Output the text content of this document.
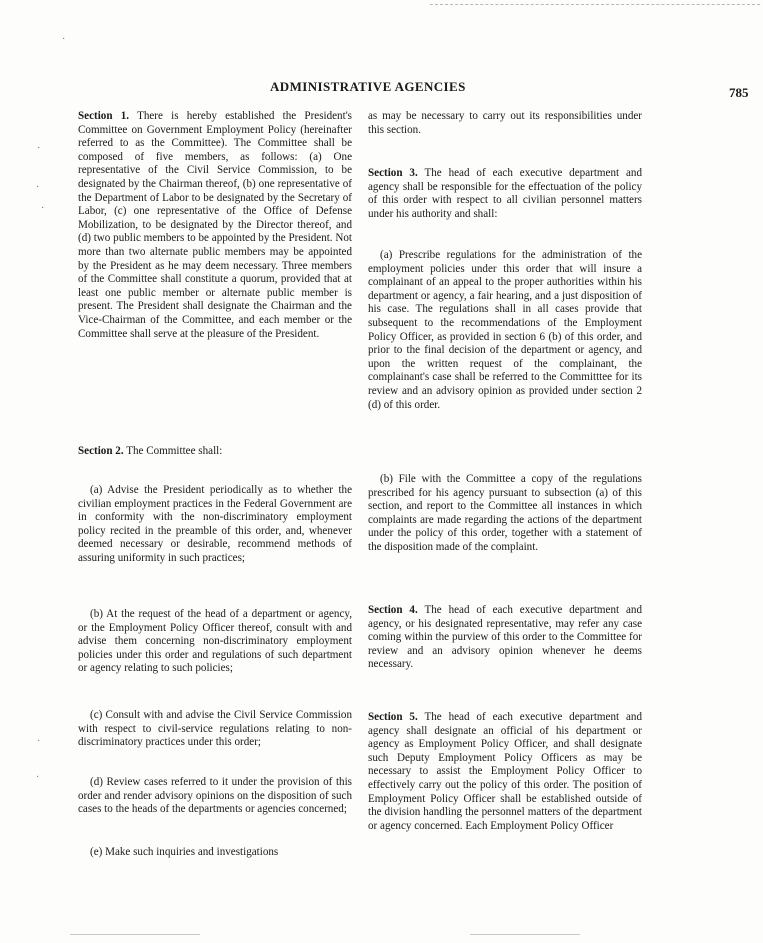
ADMINISTRATIVE AGENCIES	785
·
·
·
·
·
·

Section 1. There is hereby established the President's Committee on Government Employment Policy (hereinafter referred to as the Committee). The Committee shall be composed of five members, as follows: (a) One representative of the Civil Service Commission, to be designated by the Chairman thereof, (b) one representative of the Department of Labor to be designated by the Secretary of Labor, (c) one representative of the Office of Defense Mobilization, to be designated by the Director thereof, and (d) two public members to be appointed by the President. Not more than two alternate public members may be appointed by the President as he may deem necessary. Three members of the Committee shall constitute a quorum, provided that at least one public member or alternate public member is present. The President shall designate the Chairman and the Vice-Chairman of the Committee, and each member or the Committee shall serve at the pleasure of the President.

Section 2. The Committee shall:

(a) Advise the President periodically as to whether the civilian employment practices in the Federal Government are in conformity with the non-discriminatory employment policy recited in the preamble of this order, and, whenever deemed necessary or desirable, recommend methods of assuring uniformity in such practices;

(b) At the request of the head of a department or agency, or the Employment Policy Officer thereof, consult with and advise them concerning non-discriminatory employment policies under this order and regulations of such department or agency relating to such policies;

(c) Consult with and advise the Civil Service Commission with respect to civil-service regulations relating to non-discriminatory practices under this order;

(d) Review cases referred to it under the provision of this order and render advisory opinions on the disposition of such cases to the heads of the departments or agencies concerned;

(e) Make such inquiries and investigations

as may be necessary to carry out its responsibilities under this section.

Section 3. The head of each executive department and agency shall be responsible for the effectuation of the policy of this order with respect to all civilian personnel matters under his authority and shall:

(a) Prescribe regulations for the administration of the employment policies under this order that will insure a complainant of an appeal to the proper authorities within his department or agency, a fair hearing, and a just disposition of his case. The regulations shall in all cases provide that subsequent to the recommendations of the Employment Policy Officer, as provided in section 6 (b) of this order, and prior to the final decision of the department or agency, and upon the written request of the complainant, the complainant's case shall be referred to the Committtee for its review and an advisory opinion as provided under section 2 (d) of this order.

(b) File with the Committee a copy of the regulations prescribed for his agency pursuant to subsection (a) of this section, and report to the Committee all instances in which complaints are made regarding the actions of the department under the policy of this order, together with a statement of the disposition made of the complaint.

Section 4. The head of each executive department and agency, or his designated representative, may refer any case coming within the purview of this order to the Committee for review and an advisory opinion whenever he deems necessary.

Section 5. The head of each executive department and agency shall designate an official of his department or agency as Employment Policy Officer, and shall designate such Deputy Employment Policy Officers as may be necessary to assist the Employment Policy Officer to effectively carry out the policy of this order. The position of Employment Policy Officer shall be established outside of the division handling the personnel matters of the department or agency concerned. Each Employment Policy Officer
